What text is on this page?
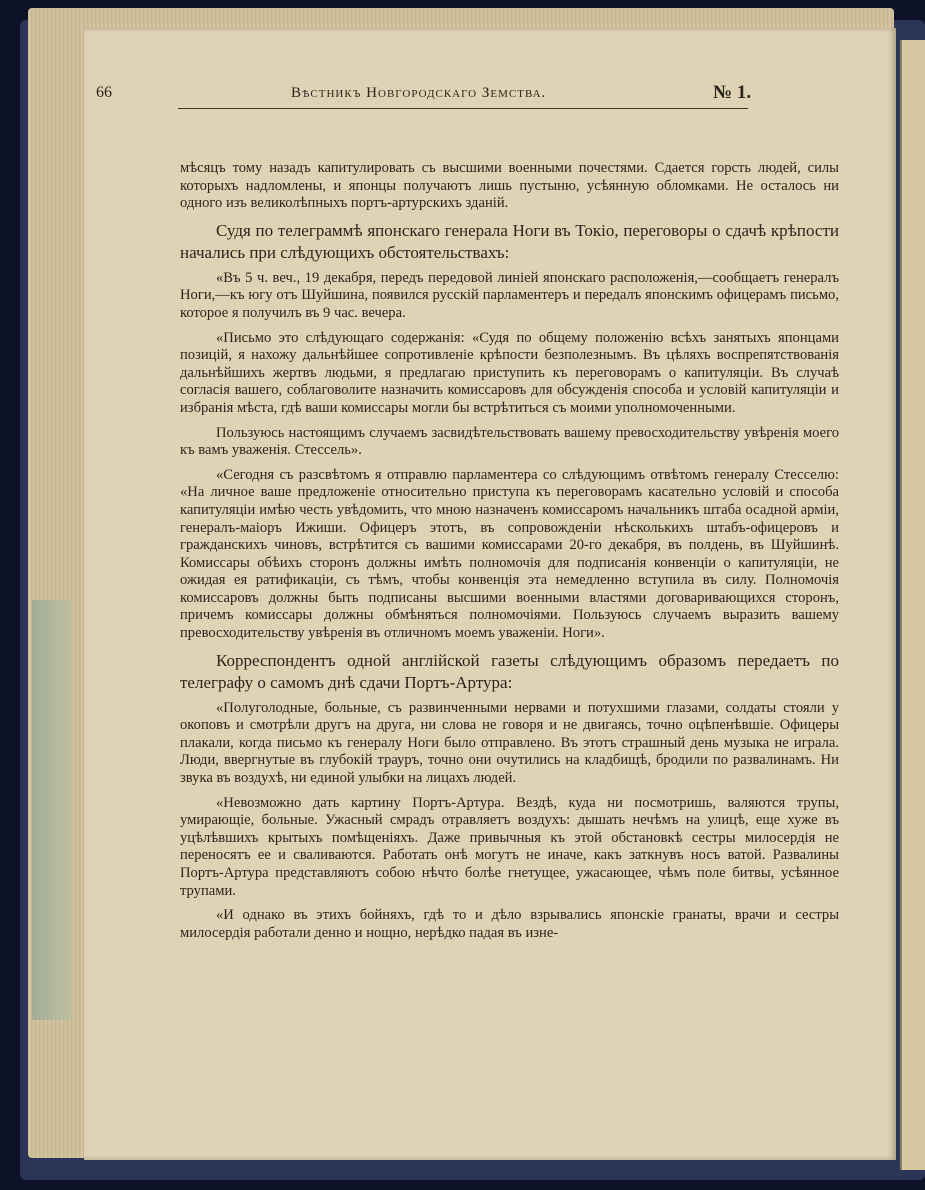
66	Вѣстникъ Новгородскаго Земства.	№ 1.

мѣсяцъ тому назадъ капитулировать съ высшими военными почестями. Сдается горсть людей, силы которыхъ надломлены, и японцы получаютъ лишь пустыню, усѣянную обломками. Не осталось ни одного изъ великолѣпныхъ портъ-артурскихъ зданій.

Судя по телеграммѣ японскаго генерала Ноги въ Токіо, переговоры о сдачѣ крѣпости начались при слѣдующихъ обстоятельствахъ:

«Въ 5 ч. веч., 19 декабря, передъ передовой линіей японскаго расположенія,—сообщаетъ генералъ Ноги,—къ югу отъ Шуйшина, появился русскій парламентеръ и передалъ японскимъ офицерамъ письмо, которое я получилъ въ 9 час. вечера.

«Письмо это слѣдующаго содержанія: «Судя по общему положенію всѣхъ занятыхъ японцами позицій, я нахожу дальнѣйшее сопротивленіе крѣпости безполезнымъ. Въ цѣляхъ воспрепятствованія дальнѣйшихъ жертвъ людьми, я предлагаю приступить къ переговорамъ о капитуляціи. Въ случаѣ согласія вашего, соблаговолите назначить комиссаровъ для обсужденія способа и условій капитуляціи и избранія мѣста, гдѣ ваши комиссары могли бы встрѣтиться съ моими уполномоченными.

Пользуюсь настоящимъ случаемъ засвидѣтельствовать вашему превосходительству увѣренія моего къ вамъ уваженія. Стессель».

«Сегодня съ разсвѣтомъ я отправлю парламентера со слѣдующимъ отвѣтомъ генералу Стесселю: «На личное ваше предложеніе относительно приступа къ переговорамъ касательно условій и способа капитуляціи имѣю честь увѣдомить, что мною назначенъ комиссаромъ начальникъ штаба осадной арміи, генералъ-маіоръ Ижиши. Офицеръ этотъ, въ сопровожденіи нѣсколькихъ штабъ-офицеровъ и гражданскихъ чиновъ, встрѣтится съ вашими комиссарами 20-го декабря, въ полдень, въ Шуйшинѣ. Комиссары обѣихъ сторонъ должны имѣть полномочія для подписанія конвенціи о капитуляціи, не ожидая ея ратификаціи, съ тѣмъ, чтобы конвенція эта немедленно вступила въ силу. Полномочія комиссаровъ должны быть подписаны высшими военными властями договаривающихся сторонъ, причемъ комиссары должны обмѣняться полномочіями. Пользуюсь случаемъ выразить вашему превосходительству увѣренія въ отличномъ моемъ уваженіи. Ноги».

Корреспондентъ одной англійской газеты слѣдующимъ образомъ передаетъ по телеграфу о самомъ днѣ сдачи Портъ-Артура:

«Полуголодные, больные, съ развинченными нервами и потухшими глазами, солдаты стояли у окоповъ и смотрѣли другъ на друга, ни слова не говоря и не двигаясь, точно оцѣпенѣвшіе. Офицеры плакали, когда письмо къ генералу Ноги было отправлено. Въ этотъ страшный день музыка не играла. Люди, ввергнутые въ глубокій трауръ, точно они очутились на кладбищѣ, бродили по развалинамъ. Ни звука въ воздухѣ, ни единой улыбки на лицахъ людей.

«Невозможно дать картину Портъ-Артура. Вездѣ, куда ни посмотришь, валяются трупы, умирающіе, больные. Ужасный смрадъ отравляетъ воздухъ: дышать нечѣмъ на улицѣ, еще хуже въ уцѣлѣвшихъ крытыхъ помѣщеніяхъ. Даже привычныя къ этой обстановкѣ сестры милосердія не переносятъ ее и сваливаются. Работать онѣ могутъ не иначе, какъ заткнувъ носъ ватой. Развалины Портъ-Артура представляютъ собою нѣчто болѣе гнетущее, ужасающее, чѣмъ поле битвы, усѣянное трупами.

«И однако въ этихъ бойняхъ, гдѣ то и дѣло взрывались японскіе гранаты, врачи и сестры милосердія работали денно и нощно, нерѣдко падая въ изне-
